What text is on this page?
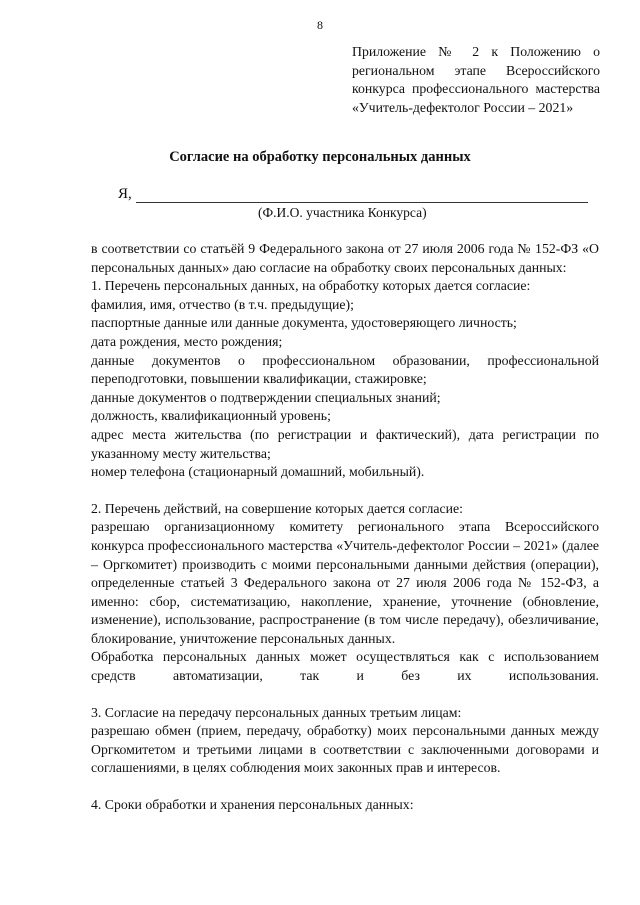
8
Приложение № 2 к Положению о региональном этапе Всероссийского конкурса профессионального мастерства «Учитель-дефектолог России – 2021»
Согласие на обработку персональных данных
Я,
(Ф.И.О. участника Конкурса)

в соответствии со статьёй 9 Федерального закона от 27 июля 2006 года № 152-ФЗ «О персональных данных» даю согласие на обработку своих персональных данных:

1. Перечень персональных данных, на обработку которых дается согласие:

фамилия, имя, отчество (в т.ч. предыдущие);

паспортные данные или данные документа, удостоверяющего личность;

дата рождения, место рождения;

данные документов о профессиональном образовании, профессиональной переподготовки, повышении квалификации, стажировке;

данные документов о подтверждении специальных знаний;

должность, квалификационный уровень;

адрес места жительства (по регистрации и фактический), дата регистрации по указанному месту жительства;

номер телефона (стационарный домашний, мобильный).

2. Перечень действий, на совершение которых дается согласие:

разрешаю организационному комитету регионального этапа Всероссийского конкурса профессионального мастерства «Учитель-дефектолог России – 2021» (далее – Оргкомитет) производить с моими персональными данными действия (операции), определенные статьей 3 Федерального закона от 27 июля 2006 года № 152-ФЗ, а именно: сбор, систематизацию, накопление, хранение, уточнение (обновление, изменение), использование, распространение (в том числе передачу), обезличивание, блокирование, уничтожение персональных данных.

Обработка персональных данных может осуществляться как с использованием средств автоматизации, так и без их использования.

3. Согласие на передачу персональных данных третьим лицам:

разрешаю обмен (прием, передачу, обработку) моих персональными данных между Оргкомитетом и третьими лицами в соответствии с заключенными договорами и соглашениями, в целях соблюдения моих законных прав и интересов.

4. Сроки обработки и хранения персональных данных:
